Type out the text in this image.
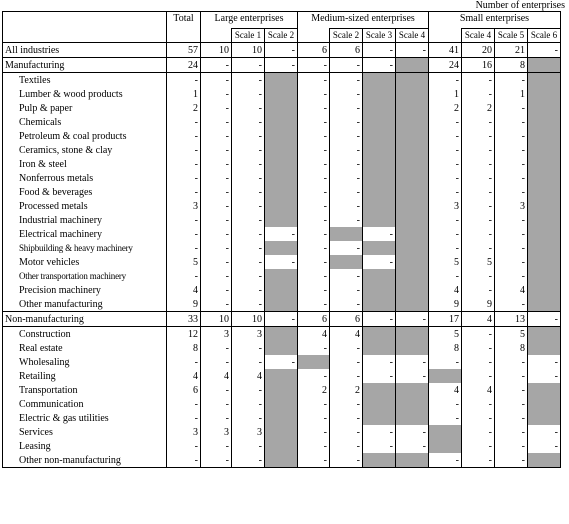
Number of enterprises
	Total	Large enterprises			Medium-sized enterprises				Small enterprises			
			Scale 1	Scale 2		Scale 2	Scale 3	Scale 4		Scale 4	Scale 5	Scale 6
All industries	57	10	10	-	6	6	-	-	41	20	21	-
Manufacturing	24	-	-	-	-	-	-		24	16	8	
Textiles	-	-	-		-	-			-	-	-	
Lumber & wood products	1	-	-		-	-			1	-	1	
Pulp & paper	2	-	-		-	-			2	2	-	
Chemicals	-	-	-		-	-			-	-	-	
Petroleum & coal products	-	-	-		-	-			-	-	-	
Ceramics, stone & clay	-	-	-		-	-			-	-	-	
Iron & steel	-	-	-		-	-			-	-	-	
Nonferrous metals	-	-	-		-	-			-	-	-	
Food & beverages	-	-	-		-	-			-	-	-	
Processed metals	3	-	-		-	-			3	-	3	
Industrial machinery	-	-	-		-	-			-	-	-	
Electrical machinery	-	-	-	-	-		-		-	-	-	
Shipbuilding & heavy machinery	-	-	-		-	-			-	-	-	
Motor vehicles	5	-	-	-	-		-		5	5	-	
Other transportation machinery	-	-	-		-	-			-	-	-	
Precision machinery	4	-	-		-	-			4	-	4	
Other manufacturing	9	-	-		-	-			9	9	-	
Non-manufacturing	33	10	10	-	6	6	-	-	17	4	13	-
Construction	12	3	3		4	4			5	-	5	
Real estate	8	-	-		-	-			8	-	8	
Wholesaling	-	-	-	-		-	-	-	-	-	-	-
Retailing	4	4	4		-	-	-	-		-	-	-
Transportation	6	-	-		2	2			4	4	-	
Communication	-	-	-		-	-			-	-	-	
Electric & gas utilities	-	-	-		-	-			-	-	-	
Services	3	3	3		-	-	-	-		-	-	-
Leasing	-	-	-		-	-	-	-		-	-	-
Other non-manufacturing	-	-	-		-	-			-	-	-	
